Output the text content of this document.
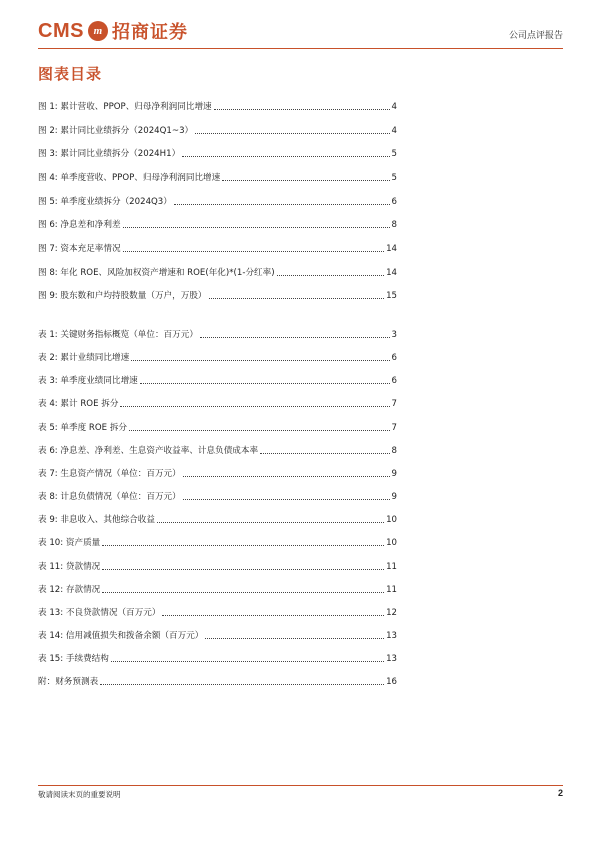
CMS m 招商证券	公司点评报告
图表目录
图 1: 累计营收、PPOP、归母净利润同比增速	4
图 2: 累计同比业绩拆分（2024Q1~3）	4
图 3: 累计同比业绩拆分（2024H1）	5
图 4: 单季度营收、PPOP、归母净利润同比增速	5
图 5: 单季度业绩拆分（2024Q3）	6
图 6: 净息差和净利差	8
图 7: 资本充足率情况	14
图 8: 年化 ROE、风险加权资产增速和 ROE(年化)*(1-分红率)	14
图 9: 股东数和户均持股数量（万户，万股）	15
表 1: 关键财务指标概览（单位：百万元）	3
表 2: 累计业绩同比增速	6
表 3: 单季度业绩同比增速	6
表 4: 累计 ROE 拆分	7
表 5: 单季度 ROE 拆分	7
表 6: 净息差、净利差、生息资产收益率、计息负债成本率	8
表 7: 生息资产情况（单位：百万元）	9
表 8: 计息负债情况（单位：百万元）	9
表 9: 非息收入、其他综合收益	10
表 10: 资产质量	10
表 11: 贷款情况	11
表 12: 存款情况	11
表 13: 不良贷款情况（百万元）	12
表 14: 信用减值损失和拨备余额（百万元）	13
表 15: 手续费结构	13
附：财务预测表	16
敬请阅读末页的重要说明	2
